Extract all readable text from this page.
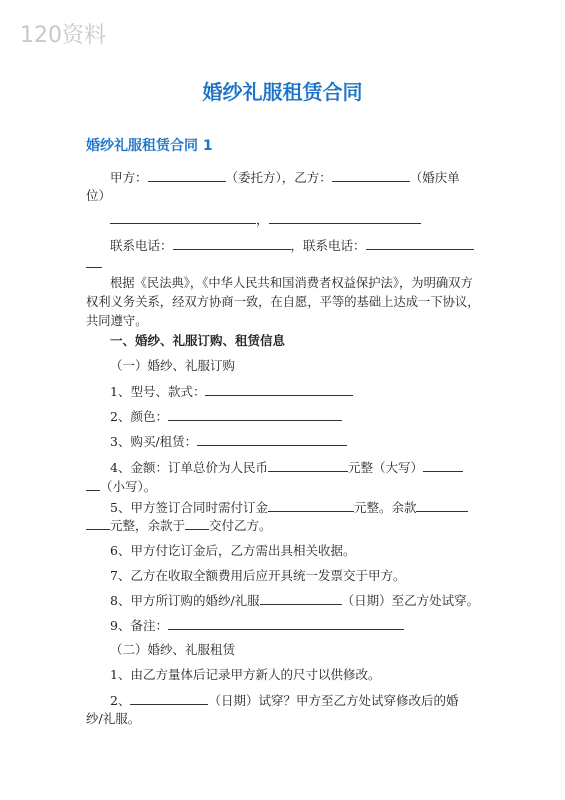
120资料
婚纱礼服租赁合同
婚纱礼服租赁合同 1
甲方：	（委托方），乙方：	（婚庆单
位）
，
联系电话：	，联系电话：
根据《民法典》，《中华人民共和国消费者权益保护法》，为明确双方权利义务关系，经双方协商一致，在自愿，平等的基础上达成一下协议，共同遵守。
一、婚纱、礼服订购、租赁信息
（一）婚纱、礼服订购
1、型号、款式：
2、颜色：
3、购买/租赁：
4、金额：订单总价为人民币	元整（大写）
（小写）。
5、甲方签订合同时需付订金	元整。余款
元整，余款于 交付乙方。
6、甲方付讫订金后，乙方需出具相关收据。
7、乙方在收取全额费用后应开具统一发票交于甲方。
8、甲方所订购的婚纱/礼服	（日期）至乙方处试穿。
9、备注：
（二）婚纱、礼服租赁
1、由乙方量体后记录甲方新人的尺寸以供修改。
2、	（日期）试穿？甲方至乙方处试穿修改后的婚
纱/礼服。
